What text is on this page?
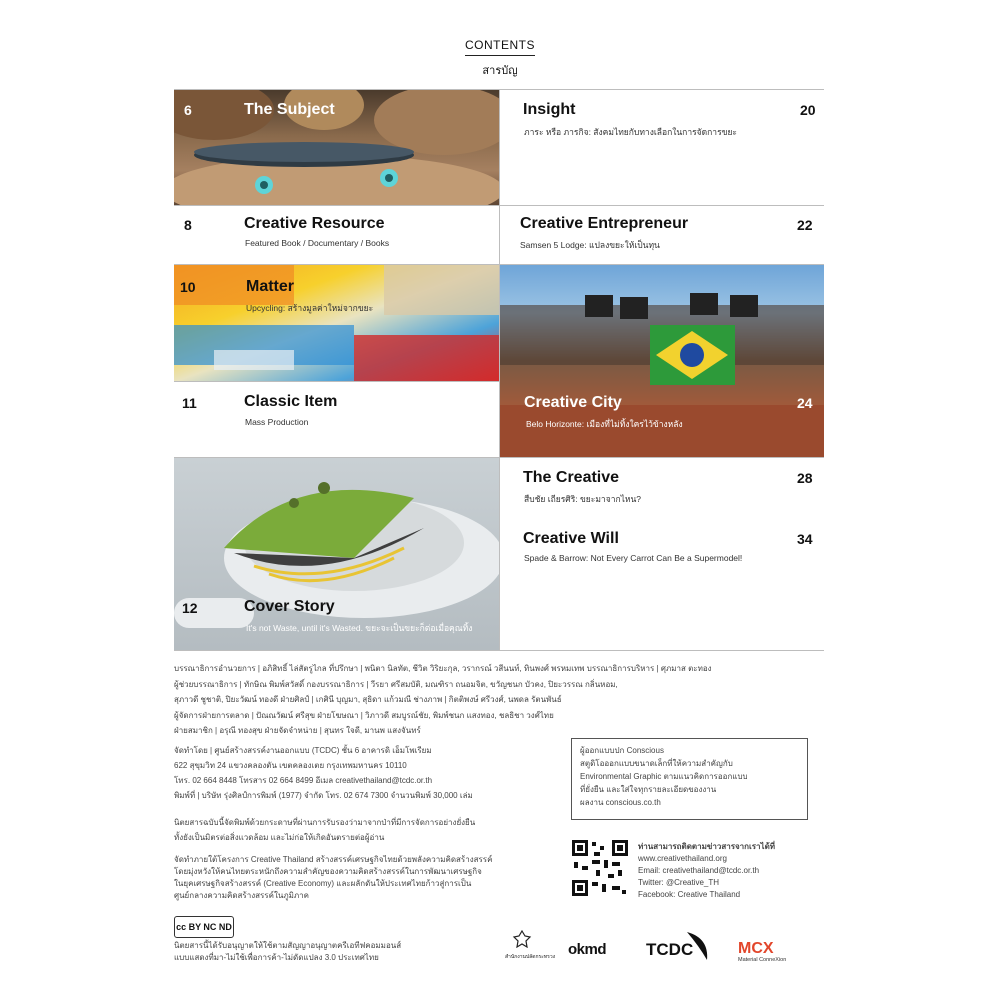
CONTENTS
สารบัญ
6	The Subject
8	Creative Resource
Featured Book / Documentary / Books
10	Matter
Upcycling: สร้างมูลค่าใหม่จากขยะ
11	Classic Item
Mass Production
12	Cover Story
It's not Waste, until it's Wasted. ขยะจะเป็นขยะก็ต่อเมื่อคุณทิ้ง
Insight	20
ภาระ หรือ ภารกิจ: สังคมไทยกับทางเลือกในการจัดการขยะ
Creative Entrepreneur	22
Samsen 5 Lodge: แปลงขยะให้เป็นทุน
Creative City	24
Belo Horizonte: เมืองที่ไม่ทิ้งใครไว้ข้างหลัง
The Creative	28
สืบชัย เถียรศิริ: ขยะมาจากไหน?
Creative Will	34
Spade & Barrow: Not Every Carrot Can Be a Supermodel!
บรรณาธิการอำนวยการ | อภิสิทธิ์ ไล่สัตรูไกล ที่ปรึกษา | พนิตา นิลทัต, ชีวิต วิริยะกุล, วรากรณ์ วสีนนท์, ทินพงศ์ พรหมเทพ บรรณาธิการบริหาร | ศุภมาส ตะทอง
ผู้ช่วยบรรณาธิการ | ทักษิณ พิมพ์สวัสดิ์ กองบรรณาธิการ | วีรยา ศรีสมบัติ, มณฑิรา ถนอมจิต, ขวัญชนก บัวคง, ปิยะวรรณ กลิ่นหอม,
สุภาวดี ชูชาติ, ปิยะวัฒน์ ทองดี ฝ่ายศิลป์ | เกศินี บุญมา, สุธิดา แก้วมณี ช่างภาพ | กิตติพงษ์ ศรีวงศ์, นพดล รัตนพันธ์
ผู้จัดการฝ่ายการตลาด | ปัณณวัฒน์ ศรีสุข ฝ่ายโฆษณา | วิภาวดี สมบูรณ์ชัย, พิมพ์ชนก แสงทอง, ชลธิชา วงศ์ไทย
ฝ่ายสมาชิก | อรุณี ทองสุข ฝ่ายจัดจำหน่าย | สุนทร ใจดี, มานพ แสงจันทร์
จัดทำโดย | ศูนย์สร้างสรรค์งานออกแบบ (TCDC) ชั้น 6 อาคารดิ เอ็มโพเรียม
622 สุขุมวิท 24 แขวงคลองตัน เขตคลองเตย กรุงเทพมหานคร 10110
โทร. 02 664 8448 โทรสาร 02 664 8499 อีเมล creativethailand@tcdc.or.th
พิมพ์ที่ | บริษัท รุ่งศิลป์การพิมพ์ (1977) จำกัด โทร. 02 674 7300 จำนวนพิมพ์ 30,000 เล่ม
นิตยสารฉบับนี้จัดพิมพ์ด้วยกระดาษที่ผ่านการรับรองว่ามาจากป่าที่มีการจัดการอย่างยั่งยืน
ทั้งยังเป็นมิตรต่อสิ่งแวดล้อม และไม่ก่อให้เกิดอันตรายต่อผู้อ่าน
จัดทำภายใต้โครงการ Creative Thailand สร้างสรรค์เศรษฐกิจไทยด้วยพลังความคิดสร้างสรรค์
โดยมุ่งหวังให้คนไทยตระหนักถึงความสำคัญของความคิดสร้างสรรค์ในการพัฒนาเศรษฐกิจ
ในยุคเศรษฐกิจสร้างสรรค์ (Creative Economy) และผลักดันให้ประเทศไทยก้าวสู่การเป็น
ศูนย์กลางความคิดสร้างสรรค์ในภูมิภาค
ผู้ออกแบบปก Conscious
สตูดิโอออกแบบขนาดเล็กที่ให้ความสำคัญกับ
Environmental Graphic ตามแนวคิดการออกแบบ
ที่ยั่งยืน และใส่ใจทุกรายละเอียดของงาน
ผลงาน conscious.co.th
ท่านสามารถติดตามข่าวสารจากเราได้ที่
www.creativethailand.org
Email: creativethailand@tcdc.or.th
Twitter: @Creative_TH
Facebook: Creative Thailand
cc BY NC ND
นิตยสารนี้ได้รับอนุญาตให้ใช้ตามสัญญาอนุญาตครีเอทีฟคอมมอนส์
แบบแสดงที่มา-ไม่ใช้เพื่อการค้า-ไม่ดัดแปลง 3.0 ประเทศไทย	สำนักงานปลัดกระทรวง okmd TCDC	MCX
Material ConneXion
